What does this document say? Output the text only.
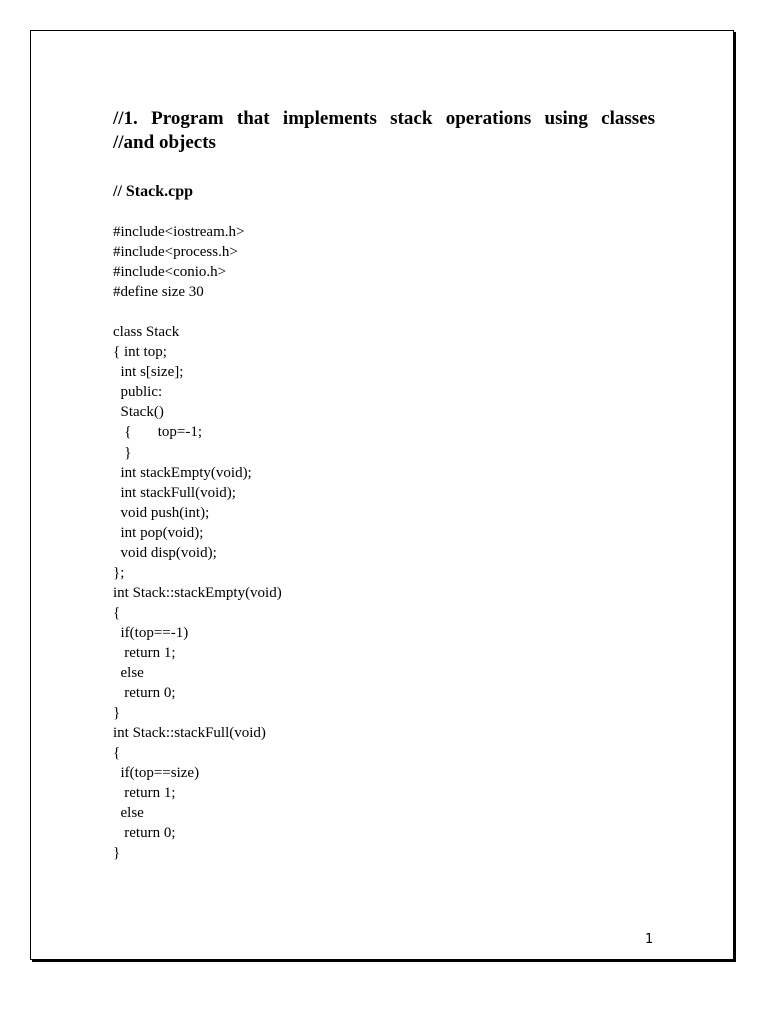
//1. Program that implements stack operations using classes
//and objects
// Stack.cpp
#include<iostream.h>
#include<process.h>
#include<conio.h>
#define size 30
class Stack
{ int top;
int s[size];
public:
Stack()
{       top=-1;
}
int stackEmpty(void);
int stackFull(void);
void push(int);
int pop(void);
void disp(void);
};
int Stack::stackEmpty(void)
{
if(top==-1)
return 1;
else
return 0;
}
int Stack::stackFull(void)
{
if(top==size)
return 1;
else
return 0;
}
1
